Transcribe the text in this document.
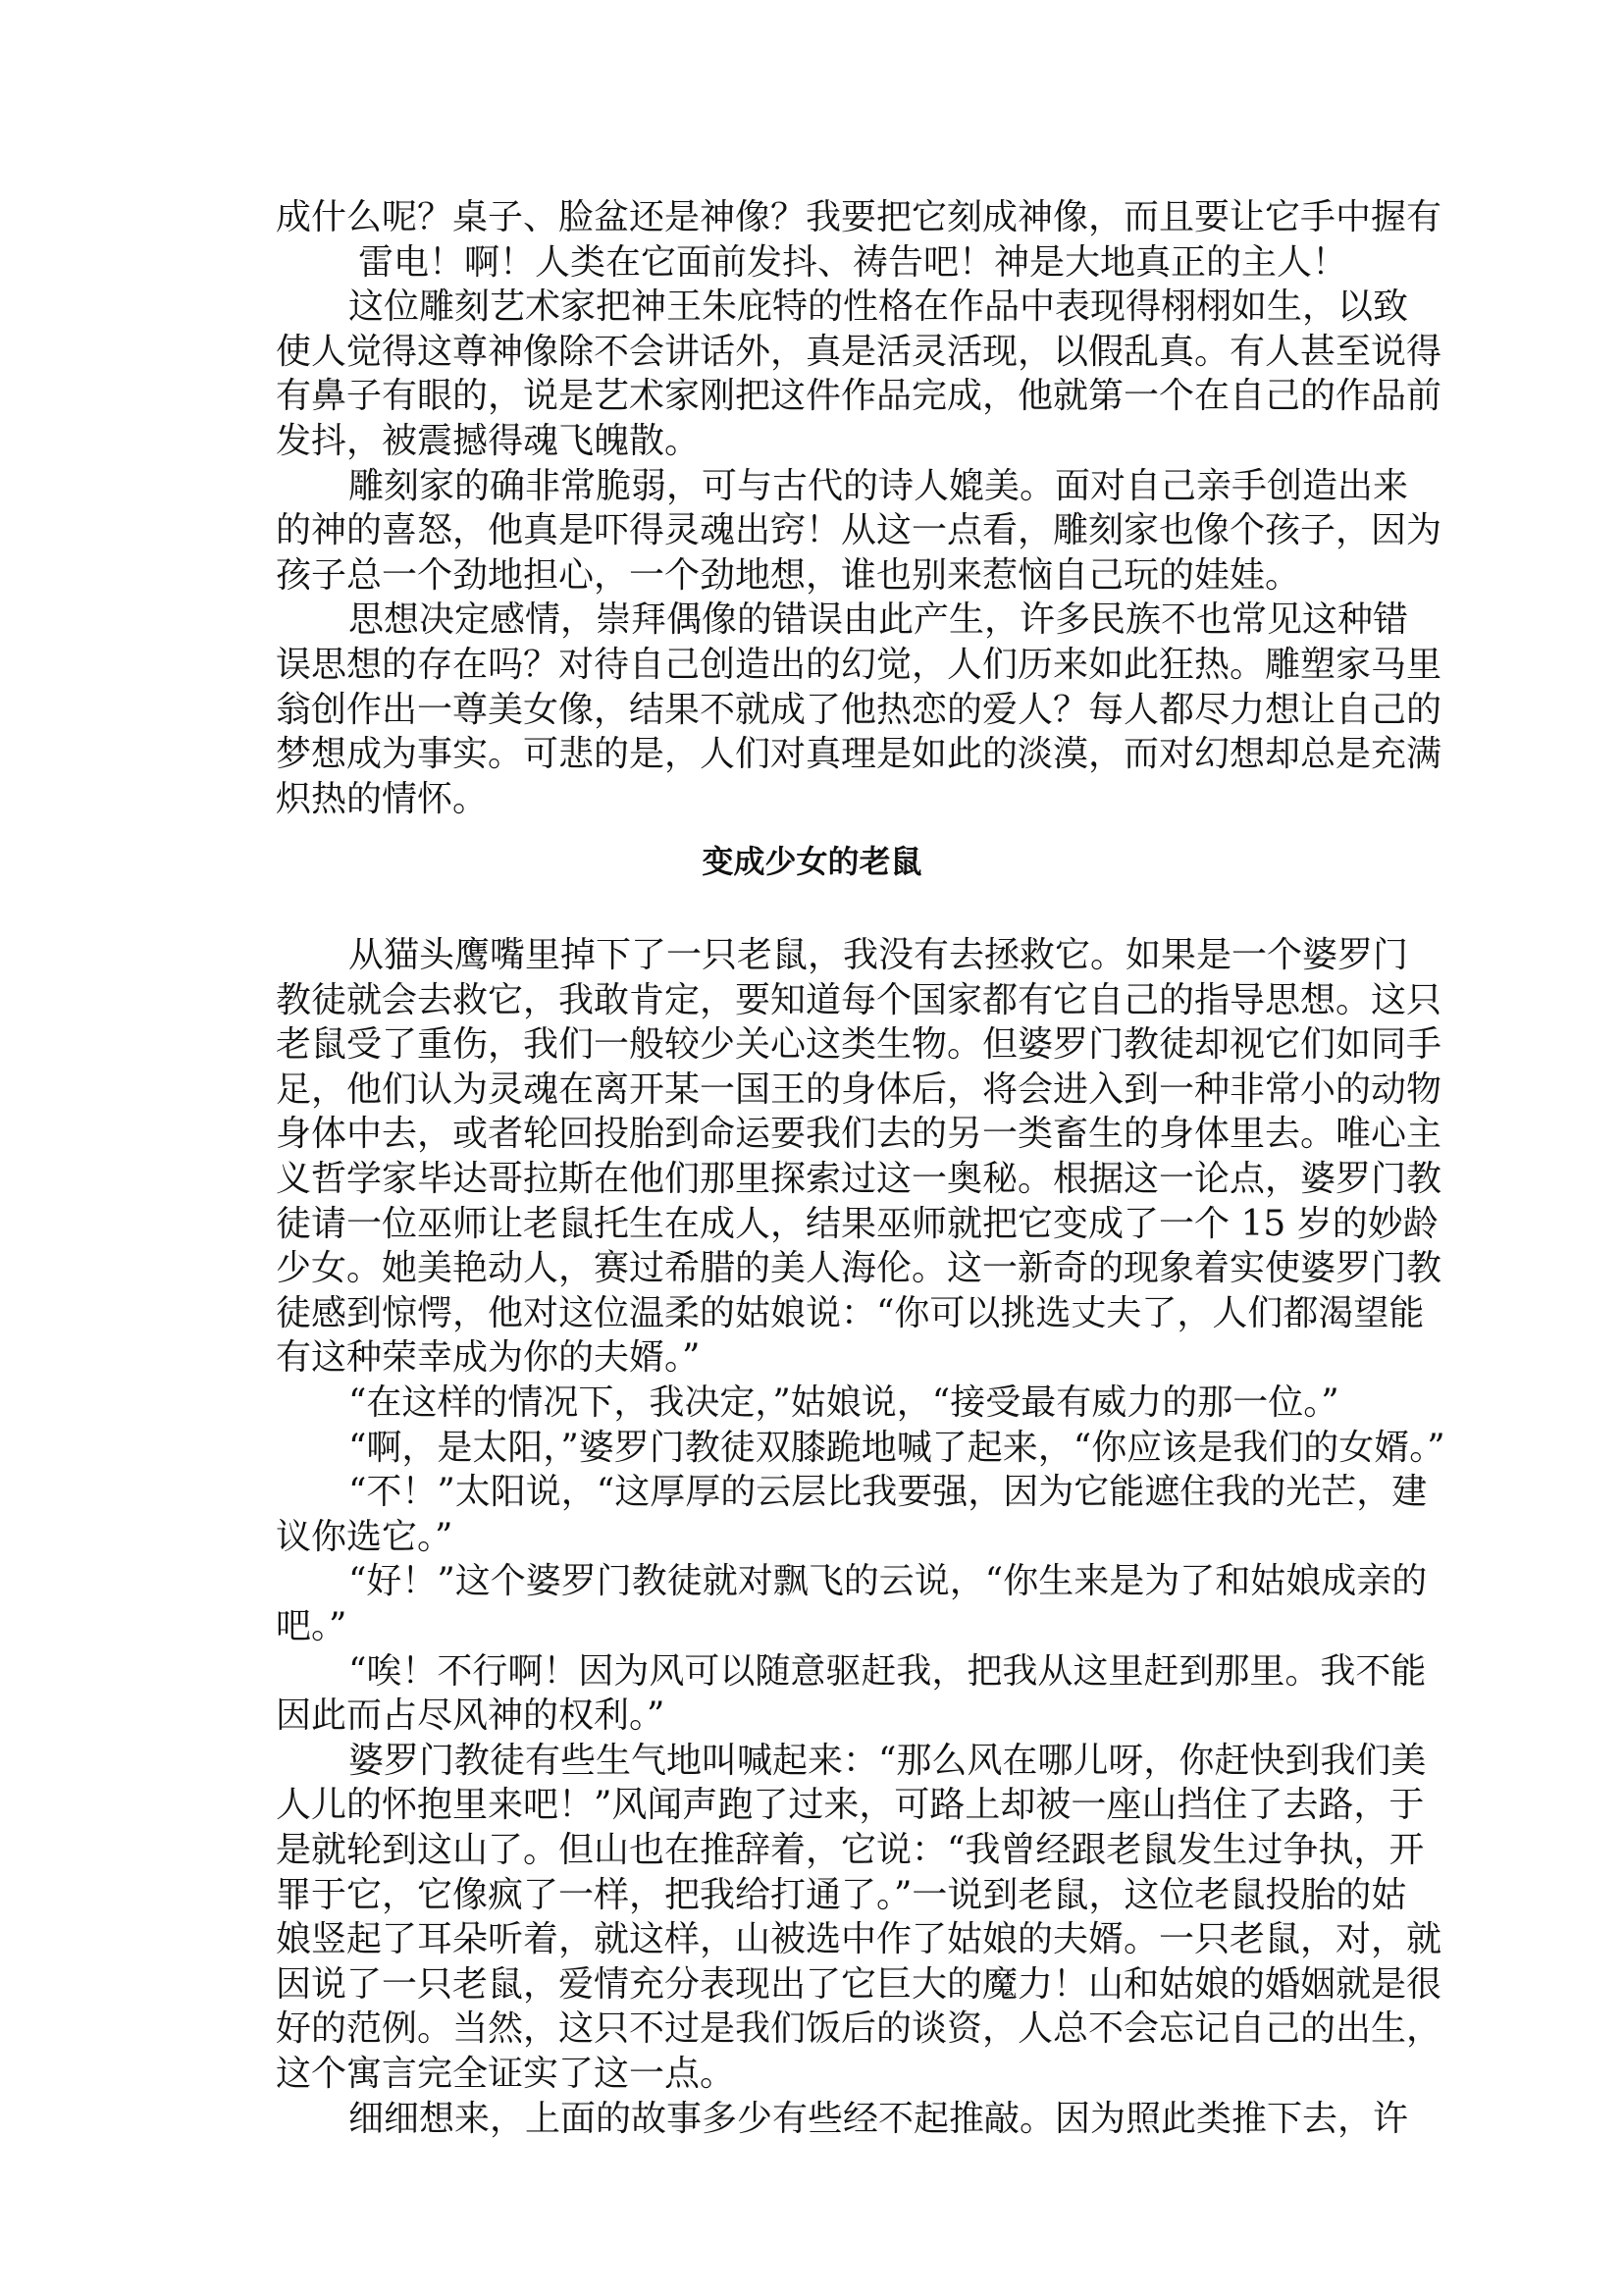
成什么呢？桌子、脸盆还是神像？我要把它刻成神像，而且要让它手中握有
雷电！啊！人类在它面前发抖、祷告吧！神是大地真正的主人！
这位雕刻艺术家把神王朱庇特的性格在作品中表现得栩栩如生，以致
使人觉得这尊神像除不会讲话外，真是活灵活现，以假乱真。有人甚至说得
有鼻子有眼的，说是艺术家刚把这件作品完成，他就第一个在自己的作品前
发抖，被震撼得魂飞魄散。
雕刻家的确非常脆弱，可与古代的诗人媲美。面对自己亲手创造出来
的神的喜怒，他真是吓得灵魂出窍！从这一点看，雕刻家也像个孩子，因为
孩子总一个劲地担心，一个劲地想，谁也别来惹恼自己玩的娃娃。
思想决定感情，崇拜偶像的错误由此产生，许多民族不也常见这种错
误思想的存在吗？对待自己创造出的幻觉，人们历来如此狂热。雕塑家马里
翁创作出一尊美女像，结果不就成了他热恋的爱人？每人都尽力想让自己的
梦想成为事实。可悲的是，人们对真理是如此的淡漠，而对幻想却总是充满
炽热的情怀。
变成少女的老鼠
从猫头鹰嘴里掉下了一只老鼠，我没有去拯救它。如果是一个婆罗门
教徒就会去救它，我敢肯定，要知道每个国家都有它自己的指导思想。这只
老鼠受了重伤，我们一般较少关心这类生物。但婆罗门教徒却视它们如同手
足，他们认为灵魂在离开某一国王的身体后，将会进入到一种非常小的动物
身体中去，或者轮回投胎到命运要我们去的另一类畜生的身体里去。唯心主
义哲学家毕达哥拉斯在他们那里探索过这一奥秘。根据这一论点，婆罗门教
徒请一位巫师让老鼠托生在成人，结果巫师就把它变成了一个 15 岁的妙龄
少女。她美艳动人，赛过希腊的美人海伦。这一新奇的现象着实使婆罗门教
徒感到惊愕，他对这位温柔的姑娘说：“你可以挑选丈夫了，人们都渴望能
有这种荣幸成为你的夫婿。”
“在这样的情况下，我决定，”姑娘说，“接受最有威力的那一位。”
“啊，是太阳，”婆罗门教徒双膝跪地喊了起来，“你应该是我们的女婿。”
“不！”太阳说，“这厚厚的云层比我要强，因为它能遮住我的光芒，建
议你选它。”
“好！”这个婆罗门教徒就对飘飞的云说，“你生来是为了和姑娘成亲的
吧。”
“唉！不行啊！因为风可以随意驱赶我，把我从这里赶到那里。我不能
因此而占尽风神的权利。”
婆罗门教徒有些生气地叫喊起来：“那么风在哪儿呀，你赶快到我们美
人儿的怀抱里来吧！”风闻声跑了过来，可路上却被一座山挡住了去路，于
是就轮到这山了。但山也在推辞着，它说：“我曾经跟老鼠发生过争执，开
罪于它，它像疯了一样，把我给打通了。”一说到老鼠，这位老鼠投胎的姑
娘竖起了耳朵听着，就这样，山被选中作了姑娘的夫婿。一只老鼠，对，就
因说了一只老鼠，爱情充分表现出了它巨大的魔力！山和姑娘的婚姻就是很
好的范例。当然，这只不过是我们饭后的谈资，人总不会忘记自己的出生，
这个寓言完全证实了这一点。
细细想来，上面的故事多少有些经不起推敲。因为照此类推下去，许
